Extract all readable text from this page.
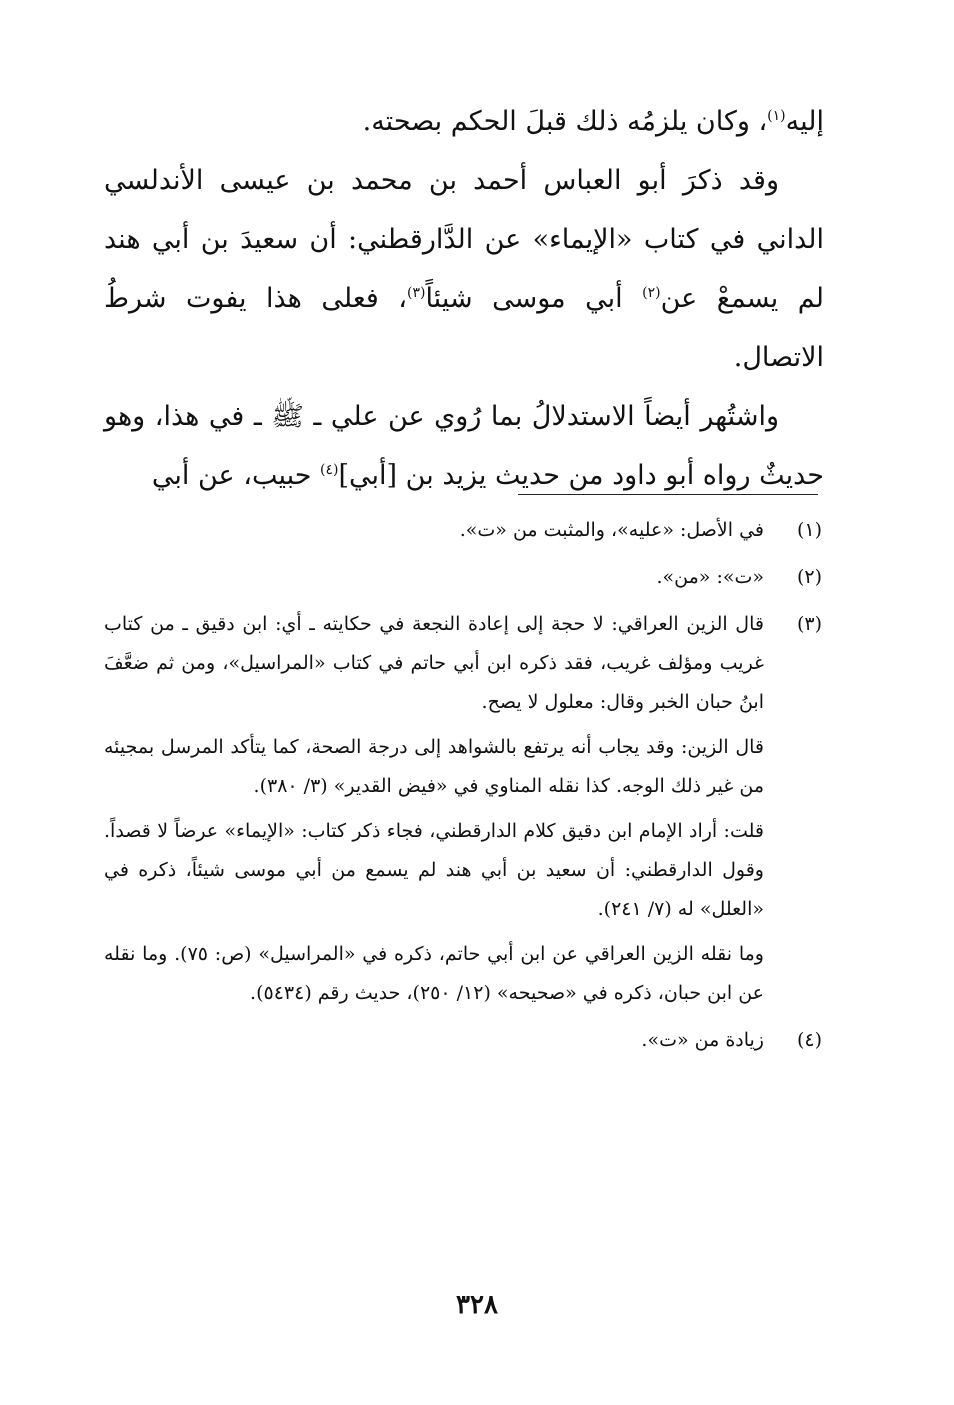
إليه$^{(١)}$، وكان يلزمُه ذلك قبلَ الحكم بصحته.

وقد ذكرَ أبو العباس أحمد بن محمد بن عيسى الأندلسي الداني في كتاب «الإيماء» عن الدَّارقطني: أن سعيدَ بن أبي هند لم يسمعْ عن$^{(٢)}$ أبي موسى شيئاً$^{(٣)}$، فعلى هذا يفوت شرطُ الاتصال.

واشتُهر أيضاً الاستدلالُ بما رُوي عن علي ـ ﷺ ـ في هذا، وهو حديثٌ رواه أبو داود من حديث يزيد بن [أبي]$^{(٤)}$ حبيب، عن أبي

(١)

في الأصل: «عليه»، والمثبت من «ت».

(٢)

«ت»: «من».

(٣)

قال الزين العراقي: لا حجة إلى إعادة النجعة في حكايته ـ أي: ابن دقيق ـ من كتاب غريب ومؤلف غريب، فقد ذكره ابن أبي حاتم في كتاب «المراسيل»، ومن ثم ضعَّفَ ابنُ حبان الخبر وقال: معلول لا يصح.

قال الزين: وقد يجاب أنه يرتفع بالشواهد إلى درجة الصحة، كما يتأكد المرسل بمجيئه من غير ذلك الوجه. كذا نقله المناوي في «فيض القدير» (٣/ ٣٨٠).

قلت: أراد الإمام ابن دقيق كلام الدارقطني، فجاء ذكر كتاب: «الإيماء» عرضاً لا قصداً. وقول الدارقطني: أن سعيد بن أبي هند لم يسمع من أبي موسى شيئاً، ذكره في «العلل» له (٧/ ٢٤١).

وما نقله الزين العراقي عن ابن أبي حاتم، ذكره في «المراسيل» (ص: ٧٥). وما نقله عن ابن حبان، ذكره في «صحيحه» (١٢/ ٢٥٠)، حديث رقم (٥٤٣٤).

(٤)

زيادة من «ت».

٣٢٨
